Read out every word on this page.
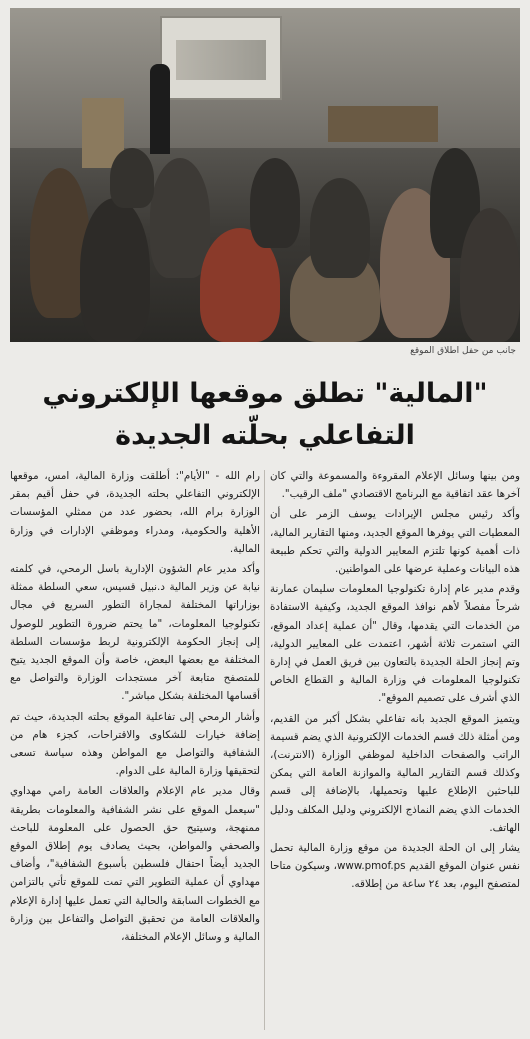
جانب من حفل اطلاق الموقع
"المالية" تطلق موقعها الإلكتروني
التفاعلي بحلّته الجديدة

رام الله - "الأيام": أطلقت وزارة المالية، امس، موقعها الإلكتروني التفاعلي بحلته الجديدة، في حفل أقيم بمقر الوزارة برام الله، بحضور عدد من ممثلي المؤسسات الأهلية والحكومية، ومدراء وموظفي الإدارات في وزارة المالية.

وأكد مدير عام الشؤون الإدارية باسل الرمحي، في كلمته نيابة عن وزير المالية د.نبيل قسيس، سعي السلطة ممثلة بوزاراتها المختلفة لمجاراة التطور السريع في مجال تكنولوجيا المعلومات، "ما يحتم ضرورة التطوير للوصول إلى إنجاز الحكومة الإلكترونية لربط مؤسسات السلطة المختلفة مع بعضها البعض، خاصة وأن الموقع الجديد يتيح للمتصفح متابعة آخر مستجدات الوزارة والتواصل مع أقسامها المختلفة بشكل مباشر".

وأشار الرمحي إلى تفاعلية الموقع بحلته الجديدة، حيث تم إضافة خيارات للشكاوى والاقتراحات، كجزء هام من الشفافية والتواصل مع المواطن وهذه سياسة تسعى لتحقيقها وزارة المالية على الدوام.

وقال مدير عام الإعلام والعلاقات العامة رامي مهداوي "سيعمل الموقع على نشر الشفافية والمعلومات بطريقة ممنهجة، وسيتيح حق الحصول على المعلومة للباحث والصحفي والمواطن، بحيث يصادف يوم إطلاق الموقع الجديد أيضاً احتفال فلسطين بأسبوع الشفافية"، وأضاف مهداوي أن عملية التطوير التي تمت للموقع تأتي بالتزامن مع الخطوات السابقة والحالية التي تعمل عليها إدارة الإعلام والعلاقات العامة من تحقيق التواصل والتفاعل بين وزارة المالية و وسائل الإعلام المختلفة،

ومن بينها وسائل الإعلام المقروءة والمسموعة والتي كان آخرها عقد اتفاقية مع البرنامج الاقتصادي "ملف الرقيب".

وأكد رئيس مجلس الإيرادات يوسف الزمر على أن المعطيات التي يوفرها الموقع الجديد، ومنها التقارير المالية، ذات أهمية كونها تلتزم المعايير الدولية والتي تحكم طبيعة هذه البيانات وعملية عرضها على المواطنين.

وقدم مدير عام إدارة تكنولوجيا المعلومات سليمان عمارنة شرحاً مفصلاً لأهم نوافذ الموقع الجديد، وكيفية الاستفادة من الخدمات التي يقدمها، وقال "أن عملية إعداد الموقع، التي استمرت ثلاثة أشهر، اعتمدت على المعايير الدولية، وتم إنجاز الحلة الجديدة بالتعاون بين فريق العمل في إدارة تكنولوجيا المعلومات في وزارة المالية و القطاع الخاص الذي أشرف على تصميم الموقع".

ويتميز الموقع الجديد بانه تفاعلي بشكل أكبر من القديم، ومن أمثلة ذلك قسم الخدمات الإلكترونية الذي يضم قسيمة الراتب والصفحات الداخلية لموظفي الوزارة (الانترنت)، وكذلك قسم التقارير المالية والموازنة العامة التي يمكن للباحثين الإطلاع عليها وتحميلها، بالإضافة إلى قسم الخدمات الذي يضم النماذج الإلكتروني ودليل المكلف ودليل الهاتف.

يشار إلى ان الحلة الجديدة من موقع وزارة المالية تحمل نفس عنوان الموقع القديم www.pmof.ps، وسيكون متاحا لمتصفح اليوم، بعد ٢٤ ساعة من إطلاقه.
